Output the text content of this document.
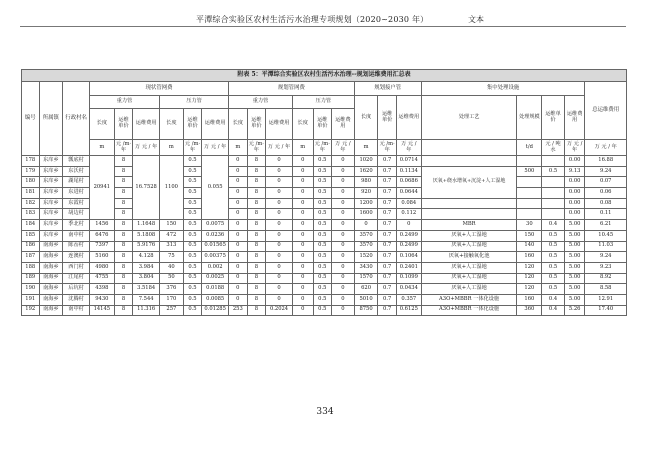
平潭综合实验区农村生活污水治理专项规划（2020~2030 年）	文本
附表 5：平潭综合实验区农村生活污水治理--规划运维费用汇总表																						
编号	所属镇	行政村名	现状管网费						规划管网费						规划接户管			集中处理设施				总运维费用
			重力管			压力管			重力管			压力管			长度	运维单价	运维费用	处理工艺	处理规模	运维单价	运维费用	
			长度	运维单价	运维费用	长度	运维单价	运维费用	长度	运维单价	运维费用	长度	运维单价	运维费用								
			m	元 /m·年	万 元 / 年	m	元 /m·年	万 元 / 年	m	元 /m·年	万 元 / 年	m	元 /m·年	万 元 / 年	m	元 /m·年	万 元 / 年		t/d	元 / 吨水	万 元 / 年	万 元 / 年
178	东庠乡	瓢底村	20941	8	16.7528	1100	0.5	0.055	0	8	0	0	0.5	0	1020	0.7	0.0714				0.00	16.88
179	东庠乡	东沃村		8			0.5		0	8	0	0	0.5	0	1620	0.7	0.1134	厌氧+绕水增氧+沉淀+人工湿地	500	0.5	9.13	9.24
180	东庠乡	湖尾村		8			0.5		0	8	0	0	0.5	0	980	0.7	0.0686				0.00	0.07
181	东庠乡	东进村		8			0.5		0	8	0	0	0.5	0	920	0.7	0.0644				0.00	0.06
182	东庠乡	东霞村		8			0.5		0	8	0	0	0.5	0	1200	0.7	0.084				0.00	0.08
183	东庠乡	胡边村		8			0.5		0	8	0	0	0.5	0	1600	0.7	0.112				0.00	0.11
184	东庠乡	季北村	1456	8	1.1648	150	0.5	0.0075	0	8	0	0	0.5	0	0	0.7	0	MBR	30	0.4	5.00	6.21
185	东庠乡	南中村	6476	8	5.1808	472	0.5	0.0236	0	8	0	0	0.5	0	3570	0.7	0.2499	厌氧+人工湿地	150	0.5	5.00	10.45
186	南海乡	陈岙村	7397	8	5.9176	313	0.5	0.01565	0	8	0	0	0.5	0	3570	0.7	0.2499	厌氧+人工湿地	140	0.5	5.00	11.03
187	南海乡	连澳村	5160	8	4.128	75	0.5	0.00375	0	8	0	0	0.5	0	1520	0.7	0.1064	厌氧+接触氧化池	160	0.5	5.00	9.24
188	南海乡	西门村	4980	8	3.984	40	0.5	0.002	0	8	0	0	0.5	0	3430	0.7	0.2401	厌氧+人工湿地	120	0.5	5.00	9.23
189	南海乡	江尾村	4755	8	3.804	50	0.5	0.0025	0	8	0	0	0.5	0	1570	0.7	0.1099	厌氧+人工湿地	120	0.5	5.00	8.92
190	南海乡	后坑村	4398	8	3.5184	376	0.5	0.0188	0	8	0	0	0.5	0	620	0.7	0.0434	厌氧+人工湿地	120	0.5	5.00	8.58
191	南海乡	沈腾村	9430	8	7.544	170	0.5	0.0085	0	8	0	0	0.5	0	5010	0.7	0.357	A3O+MBBR 一体化设施	160	0.4	5.00	12.91
192	南海乡	南中村	14145	8	11.316	257	0.5	0.01285	253	8	0.2024	0	0.5	0	8750	0.7	0.6125	A3O+MBBR 一体化设施	360	0.4	5.26	17.40
334
